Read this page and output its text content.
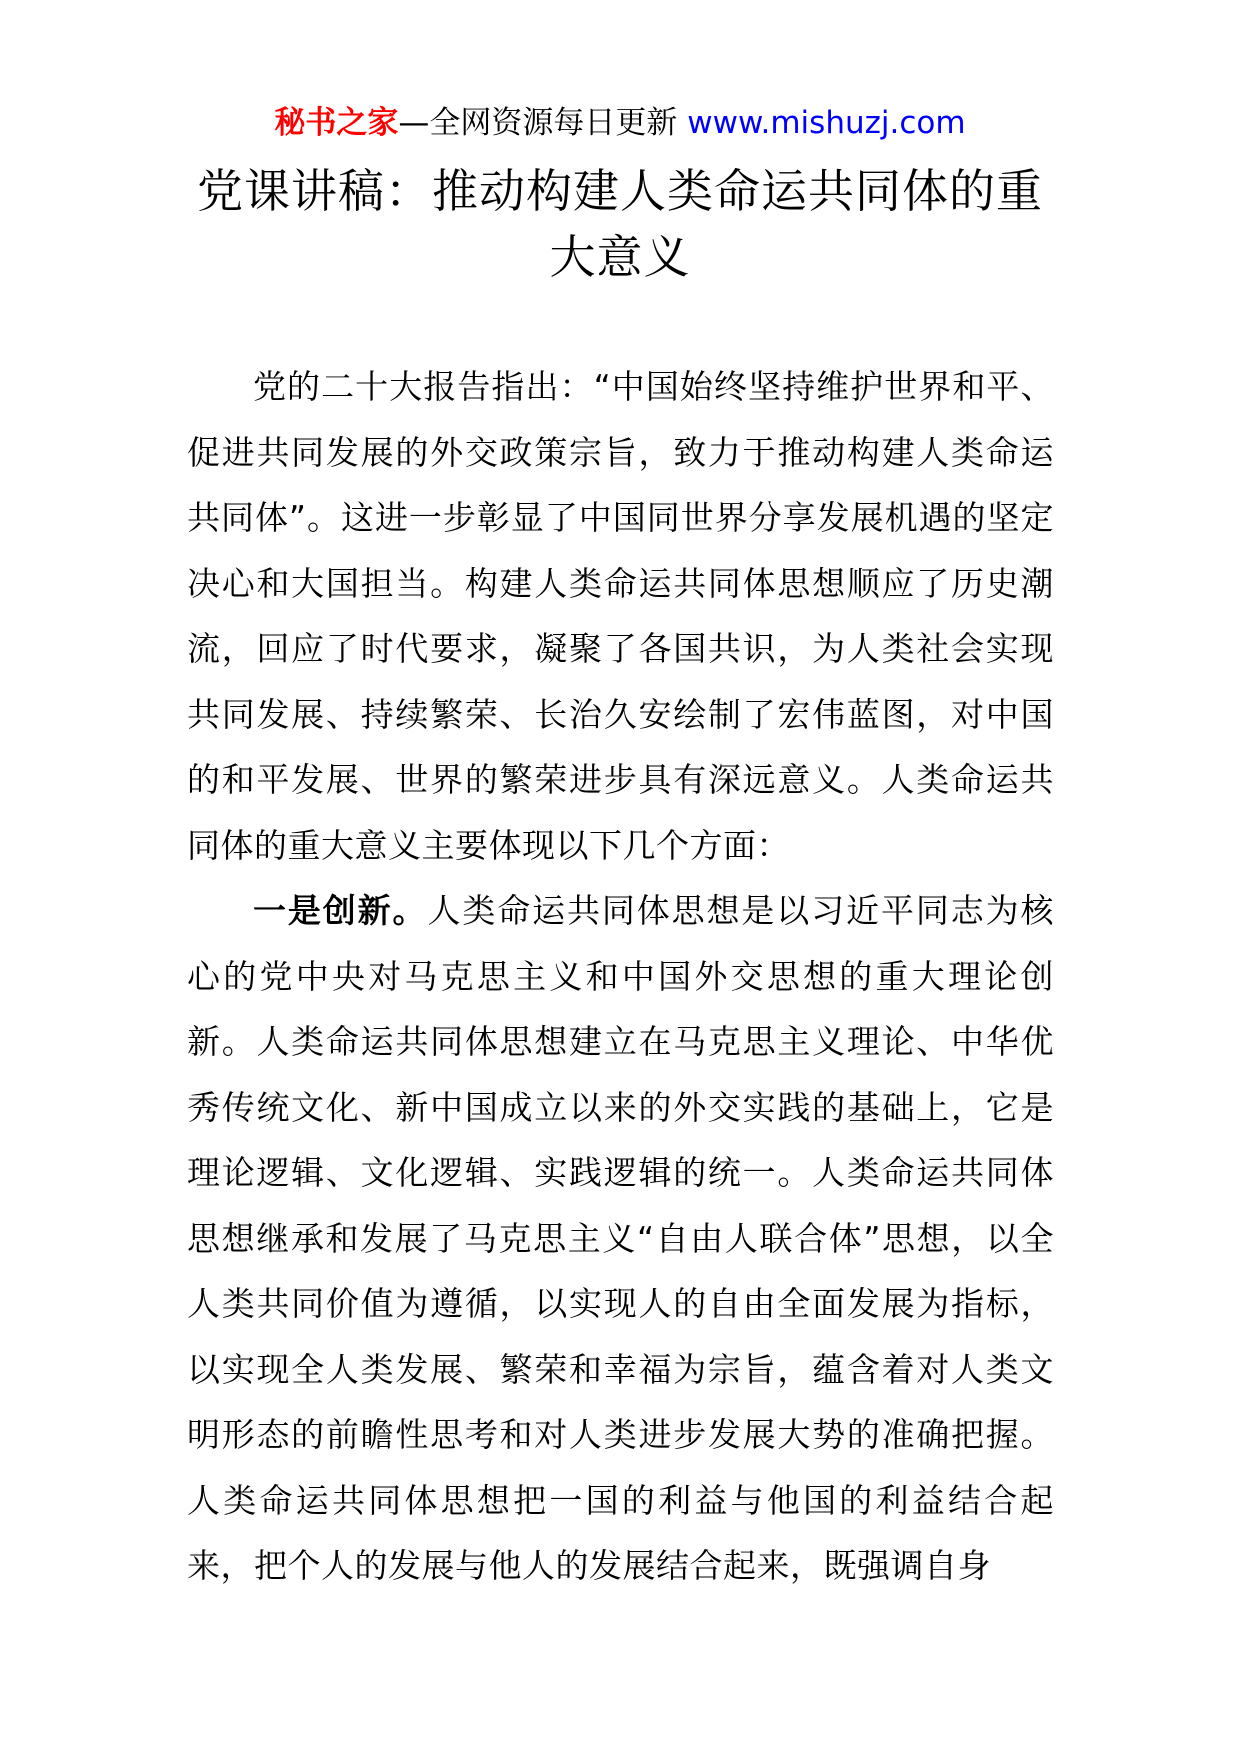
秘书之家—全网资源每日更新 www.mishuzj.com
党课讲稿：推动构建人类命运共同体的重大意义

党的二十大报告指出：“中国始终坚持维护世界和平、促进共同发展的外交政策宗旨，致力于推动构建人类命运共同体”。这进一步彰显了中国同世界分享发展机遇的坚定决心和大国担当。构建人类命运共同体思想顺应了历史潮流，回应了时代要求，凝聚了各国共识，为人类社会实现共同发展、持续繁荣、长治久安绘制了宏伟蓝图，对中国的和平发展、世界的繁荣进步具有深远意义。人类命运共同体的重大意义主要体现以下几个方面：

一是创新。人类命运共同体思想是以习近平同志为核心的党中央对马克思主义和中国外交思想的重大理论创新。人类命运共同体思想建立在马克思主义理论、中华优秀传统文化、新中国成立以来的外交实践的基础上，它是理论逻辑、文化逻辑、实践逻辑的统一。人类命运共同体思想继承和发展了马克思主义“自由人联合体”思想，以全人类共同价值为遵循，以实现人的自由全面发展为指标，以实现全人类发展、繁荣和幸福为宗旨，蕴含着对人类文明形态的前瞻性思考和对人类进步发展大势的准确把握。人类命运共同体思想把一国的利益与他国的利益结合起来，把个人的发展与他人的发展结合起来，既强调自身
